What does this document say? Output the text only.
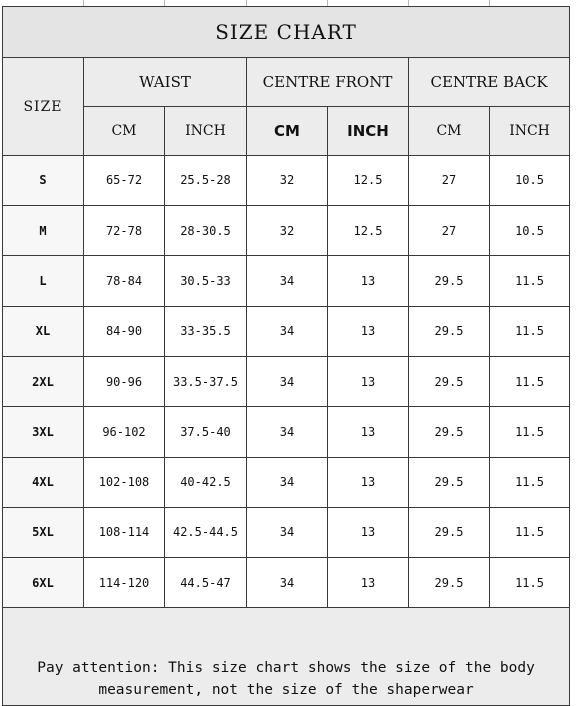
SIZE CHART						
SIZE	WAIST		CENTRE FRONT		CENTRE BACK	
	CM	INCH	CM	INCH	CM	INCH
S	65-72	25.5-28	32	12.5	27	10.5
M	72-78	28-30.5	32	12.5	27	10.5
L	78-84	30.5-33	34	13	29.5	11.5
XL	84-90	33-35.5	34	13	29.5	11.5
2XL	90-96	33.5-37.5	34	13	29.5	11.5
3XL	96-102	37.5-40	34	13	29.5	11.5
4XL	102-108	40-42.5	34	13	29.5	11.5
5XL	108-114	42.5-44.5	34	13	29.5	11.5
6XL	114-120	44.5-47	34	13	29.5	11.5
Pay attention: This size chart shows the size of the body measurement, not the size of the shaperwear						
